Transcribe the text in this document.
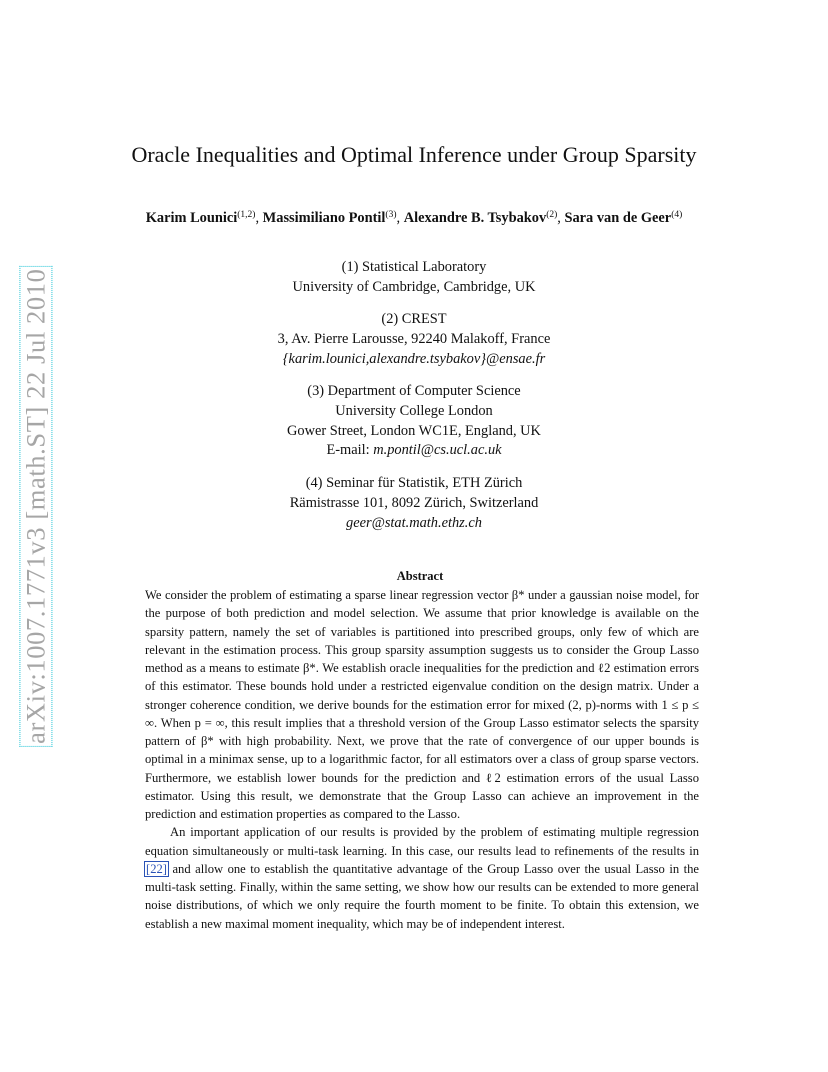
arXiv:1007.1771v3 [math.ST] 22 Jul 2010
Oracle Inequalities and Optimal Inference under Group Sparsity
Karim Lounici$^{(1,2)}$, Massimiliano Pontil$^{(3)}$, Alexandre B. Tsybakov$^{(2)}$, Sara van de Geer$^{(4)}$
(1) Statistical Laboratory
University of Cambridge, Cambridge, UK
(2) CREST
3, Av. Pierre Larousse, 92240 Malakoff, France
{karim.lounici,alexandre.tsybakov}@ensae.fr
(3) Department of Computer Science
University College London
Gower Street, London WC1E, England, UK
E-mail: m.pontil@cs.ucl.ac.uk
(4) Seminar für Statistik, ETH Zürich
Rämistrasse 101, 8092 Zürich, Switzerland
geer@stat.math.ethz.ch
Abstract

We consider the problem of estimating a sparse linear regression vector β* under a gaussian noise model, for the purpose of both prediction and model selection. We assume that prior knowledge is available on the sparsity pattern, namely the set of variables is partitioned into prescribed groups, only few of which are relevant in the estimation process. This group sparsity assumption suggests us to consider the Group Lasso method as a means to estimate β*. We establish oracle inequalities for the prediction and ℓ2 estimation errors of this estimator. These bounds hold under a restricted eigenvalue condition on the design matrix. Under a stronger coherence condition, we derive bounds for the estimation error for mixed (2, p)-norms with 1 ≤ p ≤ ∞. When p = ∞, this result implies that a threshold version of the Group Lasso estimator selects the sparsity pattern of β* with high probability. Next, we prove that the rate of convergence of our upper bounds is optimal in a minimax sense, up to a logarithmic factor, for all estimators over a class of group sparse vectors. Furthermore, we establish lower bounds for the prediction and ℓ2 estimation errors of the usual Lasso estimator. Using this result, we demonstrate that the Group Lasso can achieve an improvement in the prediction and estimation properties as compared to the Lasso.

An important application of our results is provided by the problem of estimating multiple regression equation simultaneously or multi-task learning. In this case, our results lead to refinements of the results in [22] and allow one to establish the quantitative advantage of the Group Lasso over the usual Lasso in the multi-task setting. Finally, within the same setting, we show how our results can be extended to more general noise distributions, of which we only require the fourth moment to be finite. To obtain this extension, we establish a new maximal moment inequality, which may be of independent interest.
